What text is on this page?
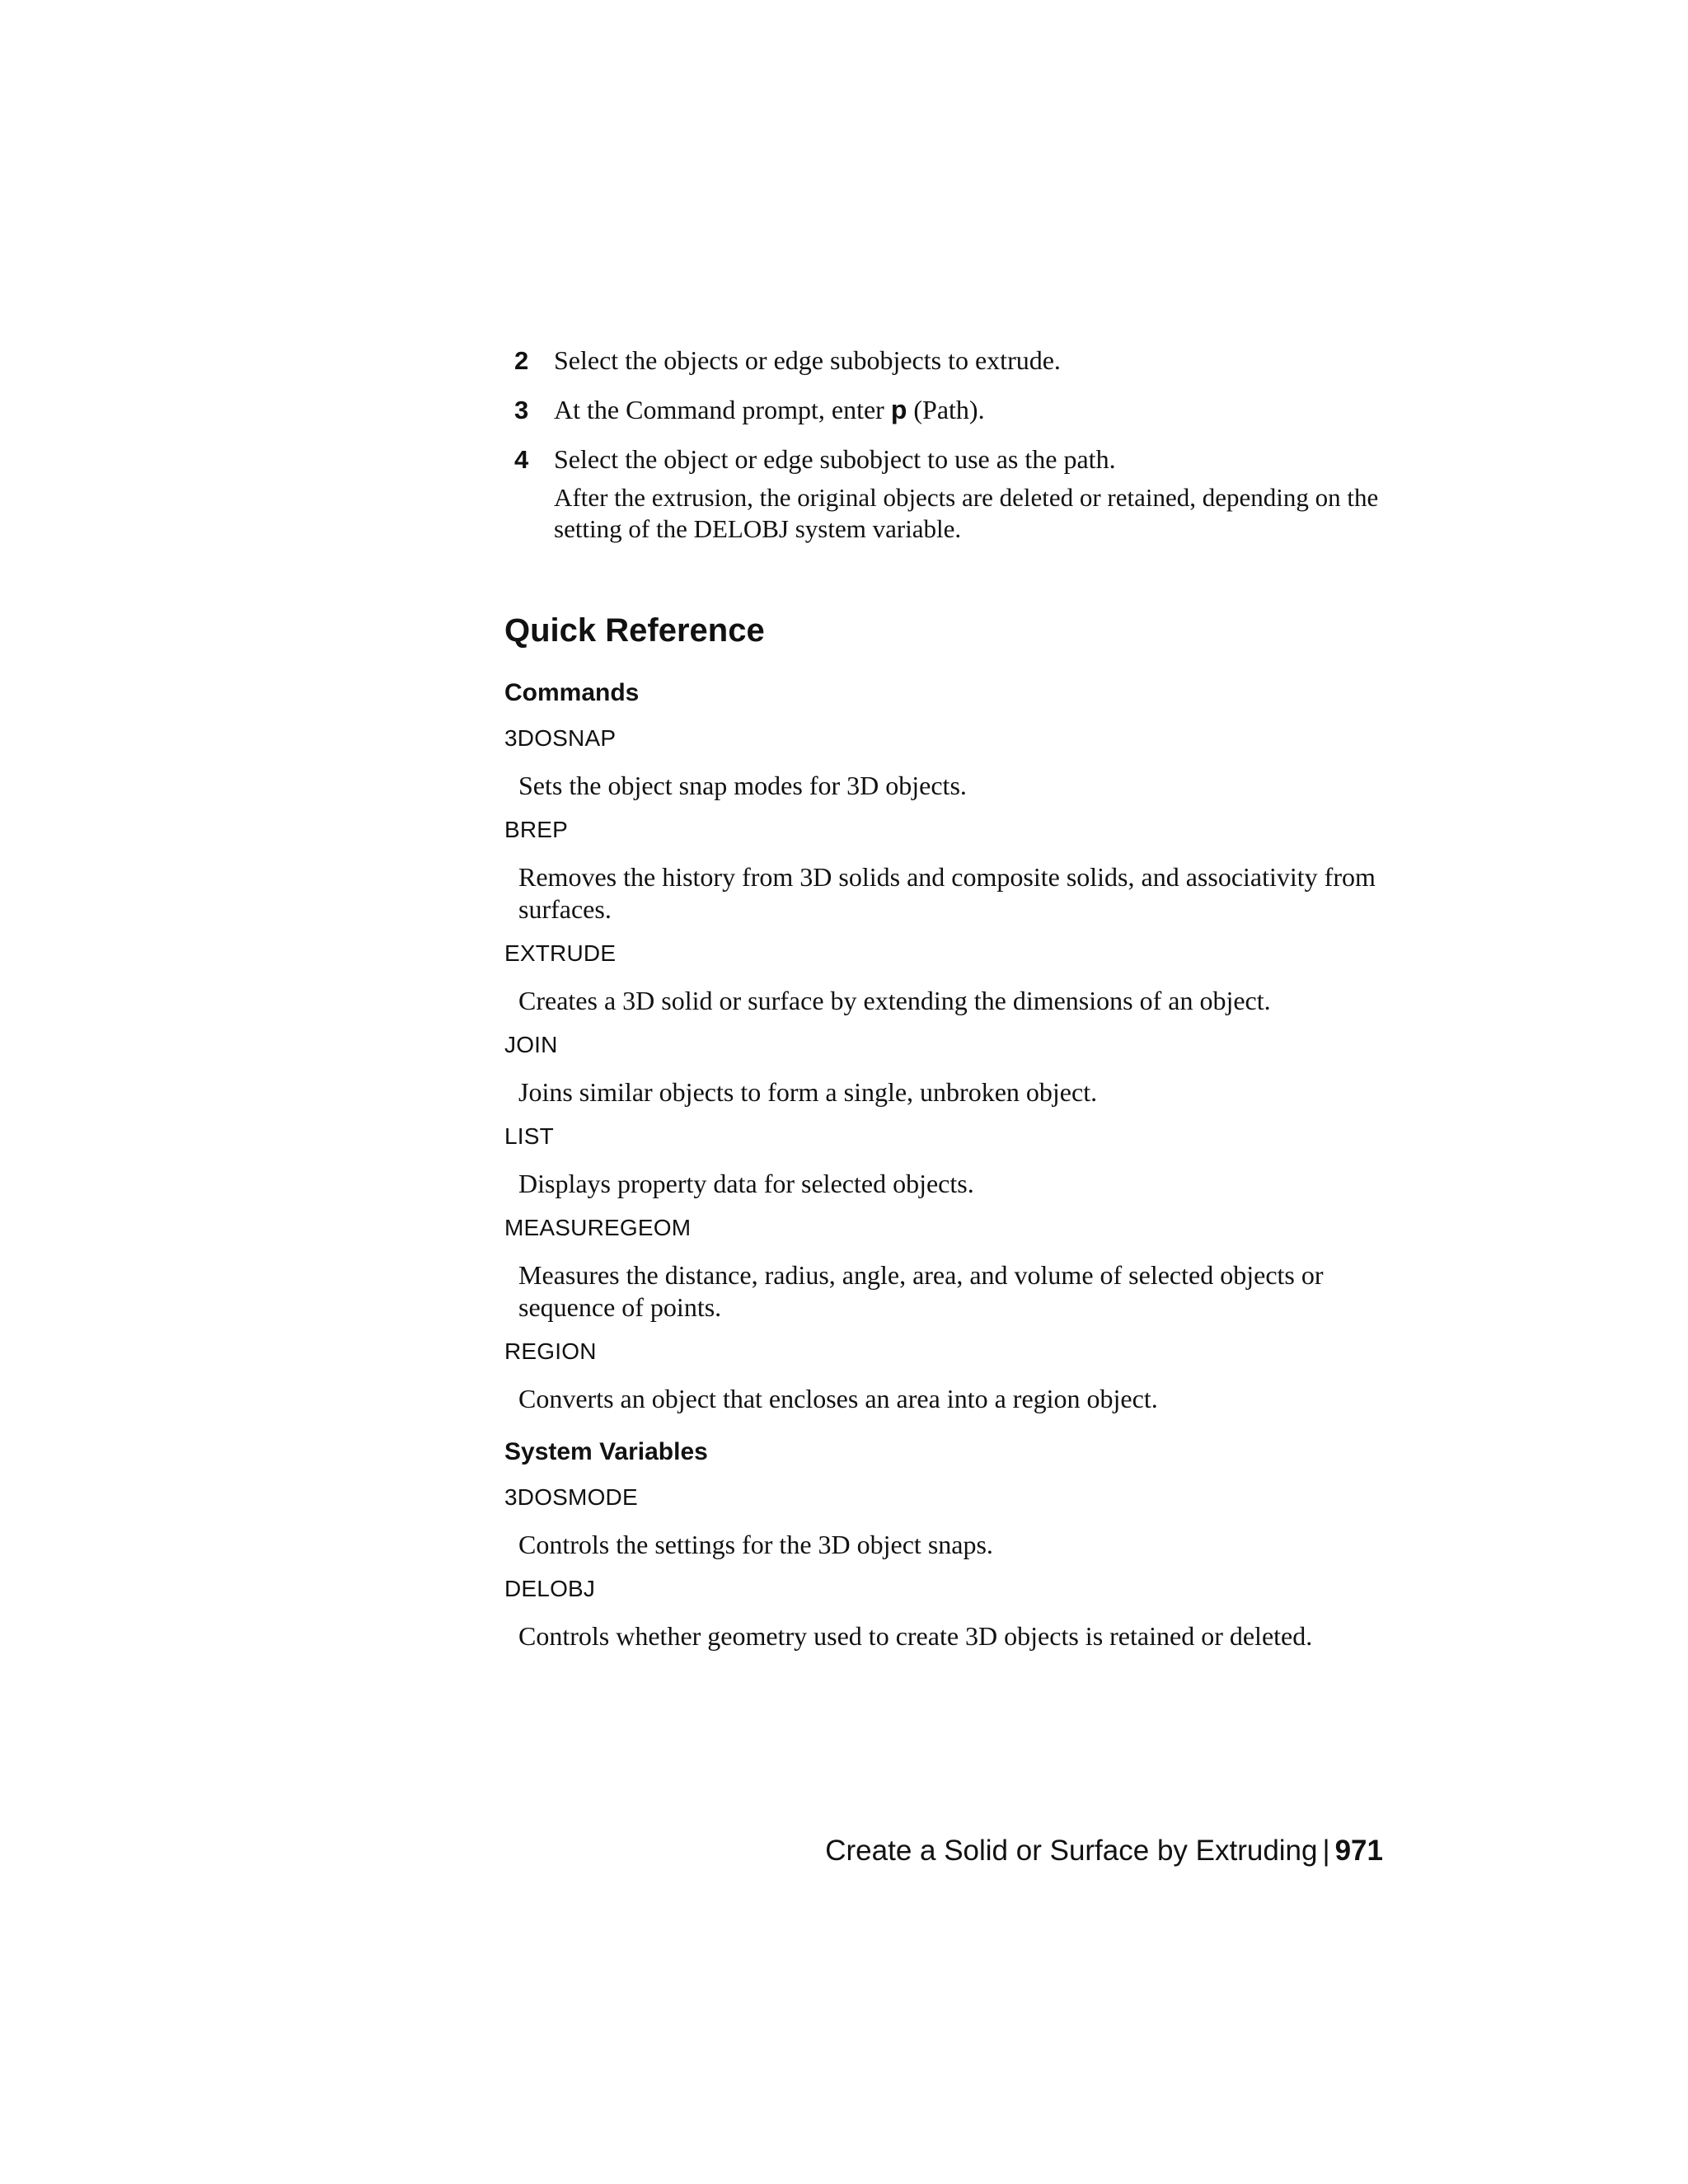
2 Select the objects or edge subobjects to extrude.
3 At the Command prompt, enter p (Path).
4 Select the object or edge subobject to use as the path.
After the extrusion, the original objects are deleted or retained, depending on the setting of the DELOBJ system variable.
Quick Reference
Commands
3DOSNAP
Sets the object snap modes for 3D objects.
BREP
Removes the history from 3D solids and composite solids, and associativity from surfaces.
EXTRUDE
Creates a 3D solid or surface by extending the dimensions of an object.
JOIN
Joins similar objects to form a single, unbroken object.
LIST
Displays property data for selected objects.
MEASUREGEOM
Measures the distance, radius, angle, area, and volume of selected objects or sequence of points.
REGION
Converts an object that encloses an area into a region object.
System Variables
3DOSMODE
Controls the settings for the 3D object snaps.
DELOBJ
Controls whether geometry used to create 3D objects is retained or deleted.
Create a Solid or Surface by Extruding | 971
